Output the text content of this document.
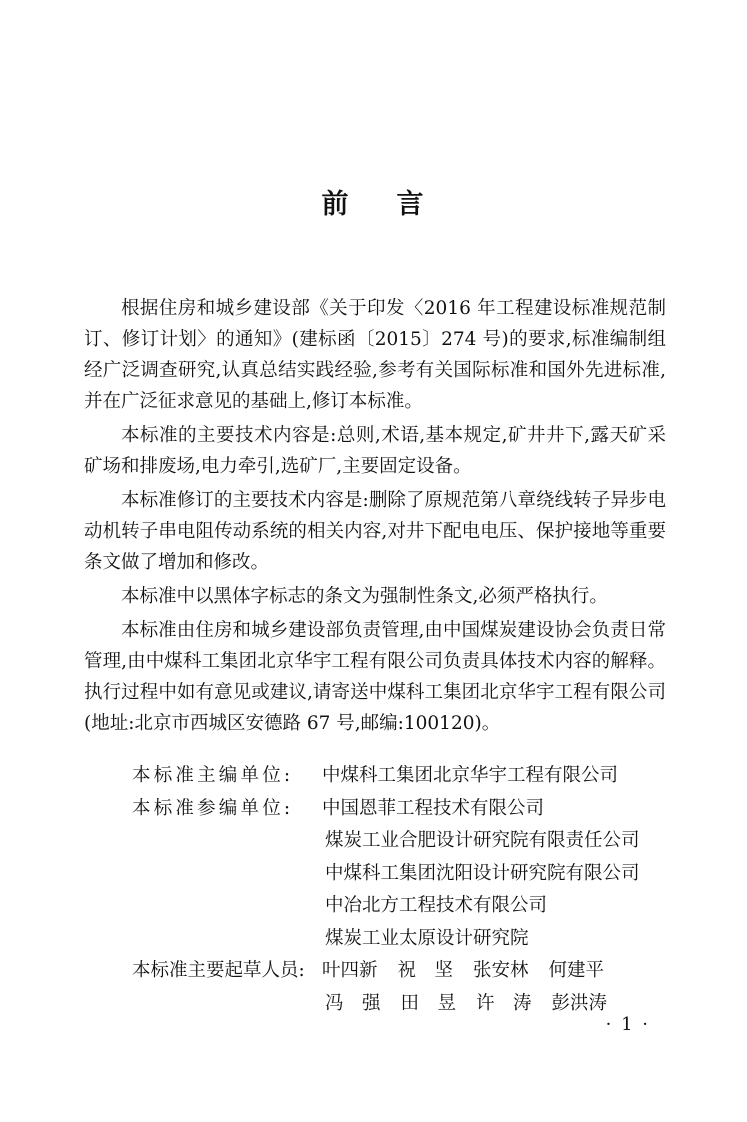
前 言

根据住房和城乡建设部《关于印发〈2016 年工程建设标准规范制订、修订计划〉的通知》(建标函〔2015〕274 号)的要求,标准编制组经广泛调查研究,认真总结实践经验,参考有关国际标准和国外先进标准,并在广泛征求意见的基础上,修订本标准。

本标准的主要技术内容是:总则,术语,基本规定,矿井井下,露天矿采矿场和排废场,电力牵引,选矿厂,主要固定设备。

本标准修订的主要技术内容是:删除了原规范第八章绕线转子异步电动机转子串电阻传动系统的相关内容,对井下配电电压、保护接地等重要条文做了增加和修改。

本标准中以黑体字标志的条文为强制性条文,必须严格执行。

本标准由住房和城乡建设部负责管理,由中国煤炭建设协会负责日常管理,由中煤科工集团北京华宇工程有限公司负责具体技术内容的解释。执行过程中如有意见或建议,请寄送中煤科工集团北京华宇工程有限公司(地址:北京市西城区安德路 67 号,邮编:100120)。

本标准主编单位:	中煤科工集团北京华宇工程有限公司
本标准参编单位:	中国恩菲工程技术有限公司
煤炭工业合肥设计研究院有限责任公司
中煤科工集团沈阳设计研究院有限公司
中冶北方工程技术有限公司
煤炭工业太原设计研究院
本标准主要起草人员: 叶四新 祝　坚 张安林 何建平
冯　强 田　昱 许　涛 彭洪涛
· 1 ·
